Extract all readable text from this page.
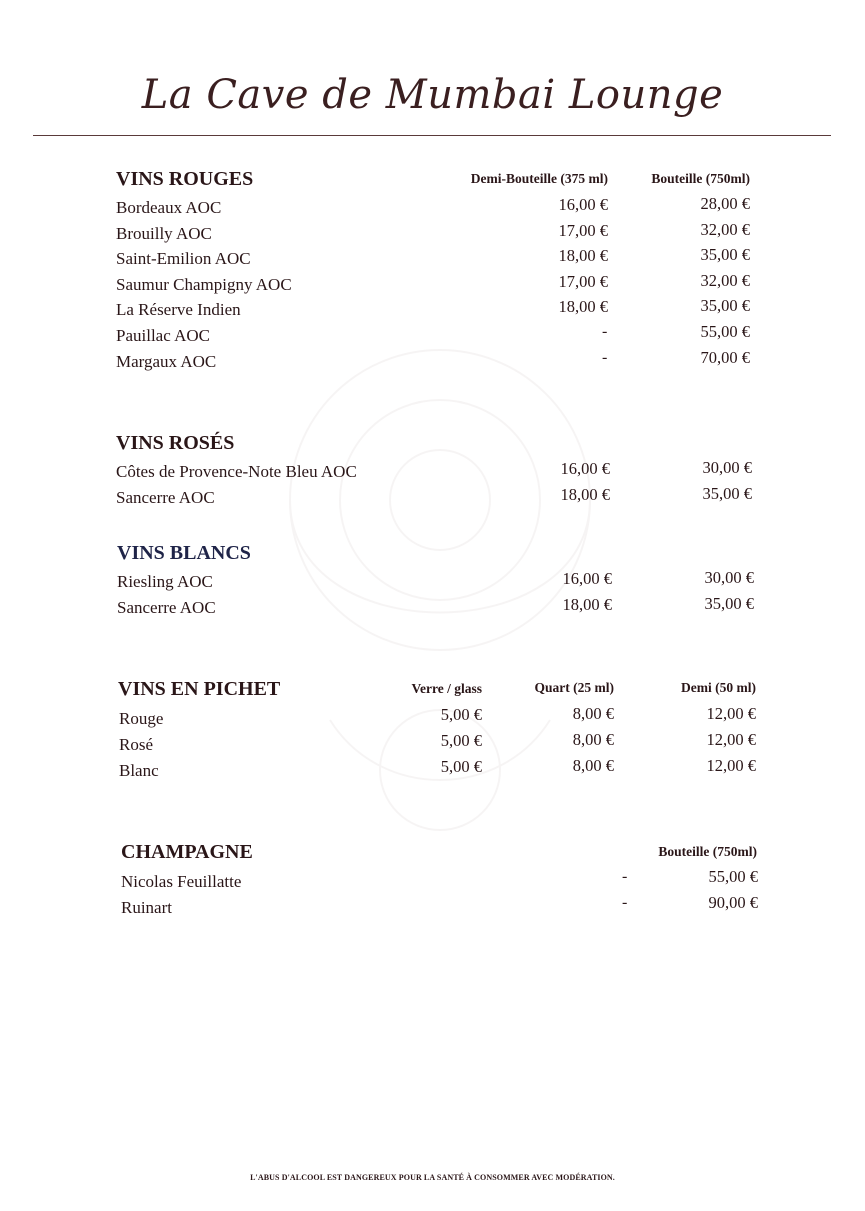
La Cave de Mumbai Lounge
VINS ROUGES	Demi-Bouteille (375 ml)	Bouteille (750ml)
Bordeaux AOC	16,00 €	28,00 €
Brouilly AOC	17,00 €	32,00 €
Saint-Emilion AOC	18,00 €	35,00 €
Saumur Champigny AOC	17,00 €	32,00 €
La Réserve Indien	18,00 €	35,00 €
Pauillac AOC	-	55,00 €
Margaux AOC	-	70,00 €
VINS ROSÉS
Côtes de Provence-Note Bleu AOC	16,00 €	30,00 €
Sancerre AOC	18,00 €	35,00 €
VINS BLANCS
Riesling AOC	16,00 €	30,00 €
Sancerre AOC	18,00 €	35,00 €
VINS EN PICHET	Verre / glass	Quart (25 ml)	Demi (50 ml)
Rouge	5,00 €	8,00 €	12,00 €
Rosé	5,00 €	8,00 €	12,00 €
Blanc	5,00 €	8,00 €	12,00 €
CHAMPAGNE	Bouteille (750ml)
Nicolas Feuillatte	-	55,00 €
Ruinart	-	90,00 €
L'ABUS D'ALCOOL EST DANGEREUX POUR LA SANTÉ À CONSOMMER AVEC MODÉRATION.
